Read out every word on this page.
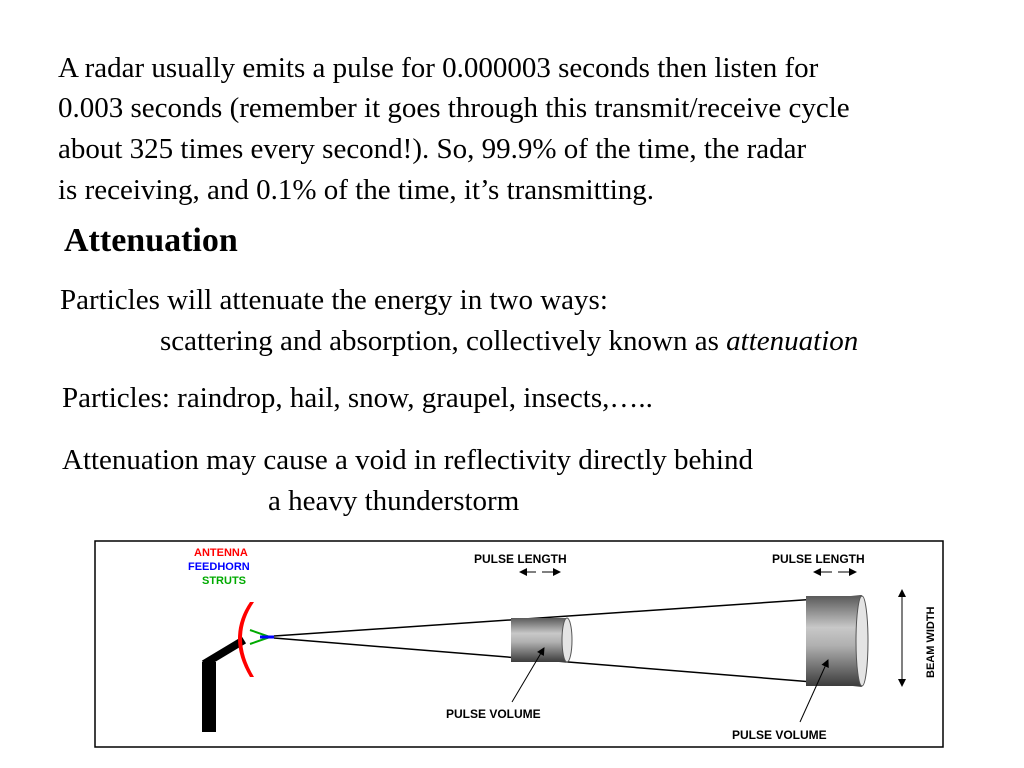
A radar usually emits a pulse for 0.000003 seconds then listen for
0.003 seconds (remember it goes through this transmit/receive cycle
about 325 times every second!). So, 99.9% of the time, the radar
is receiving, and 0.1% of the time, it’s transmitting.
Attenuation
Particles will attenuate the energy in two ways:
scattering and absorption, collectively known as attenuation
Particles: raindrop, hail, snow, graupel, insects,…..
Attenuation may cause a void in reflectivity directly behind
a heavy thunderstorm
ANTENNA
FEEDHORN
STRUTS
PULSE LENGTH	PULSE LENGTH
PULSE VOLUME
PULSE VOLUME
BEAM WIDTH
